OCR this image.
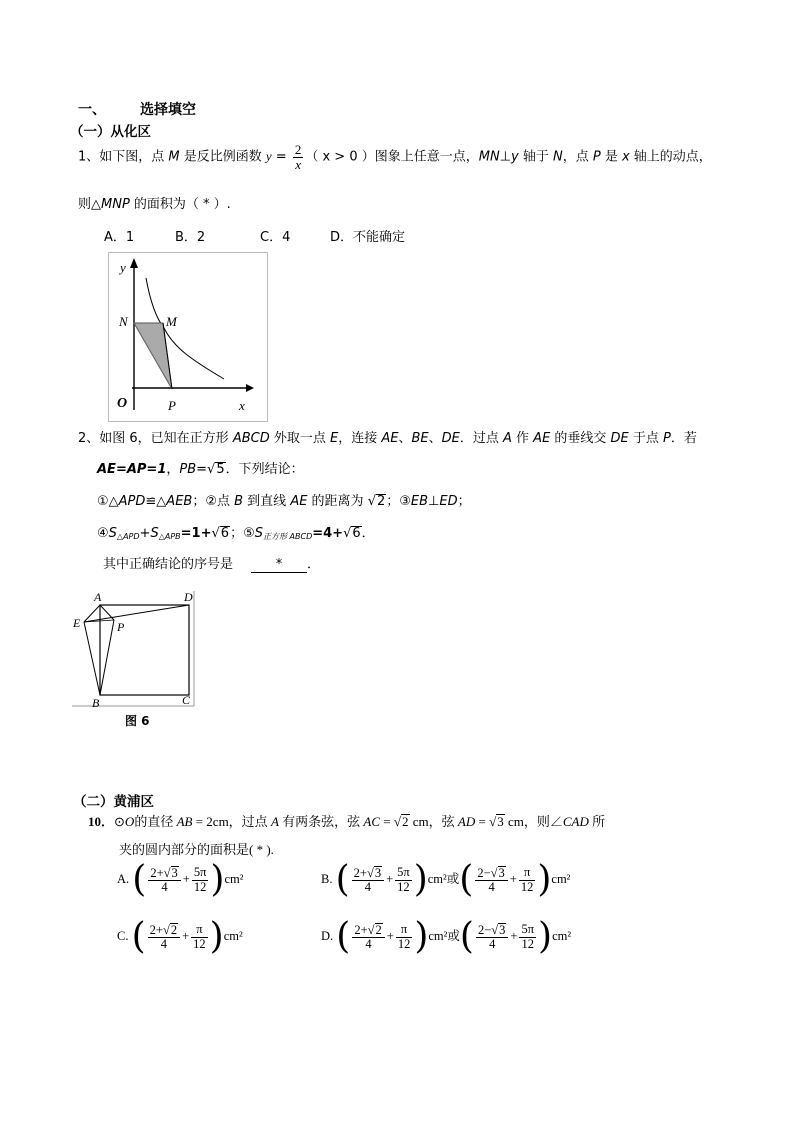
一、 选择填空
（一）从化区
1、如下图，点 M 是反比例函数 $y = \frac{2}{x}$ （ x > 0 ）图象上任意一点，MN⊥y 轴于 N，点 P 是 x 轴上的动点，
则△MNP 的面积为（ * ）.
A．1	B．2	C．4	D．不能确定
y
N	M
O	P	x
2、如图 6，已知在正方形 ABCD 外取一点 E，连接 AE、BE、DE．过点 A 作 AE 的垂线交 DE 于点 P．若
AE=AP=1，PB=√5．下列结论：
①△APD≌△AEB；②点 B 到直线 AE 的距离为 √2；③EB⊥ED；
$④S_{\triangle APD}+S_{\triangle APB}=1+√6$；$⑤S_{正方形 ABCD}=4+√6$．
其中正确结论的序号是	* ．
A	D
E	P
B	C
图 6
（二）黄浦区
10．⊙O的直径 AB = 2cm，过点 A 有两条弦，弦 AC = √2 cm，弦 AD = √3 cm，则∠CAD 所
夹的圆内部分的面积是( * ).
A. ( $\frac{2+√3}{4} + \frac{5\pi}{12} )cm^2$	B. ( $\frac{2+√3}{4} + \frac{5\pi}{12} )cm^2$或( $\frac{2-√3}{4} + \frac{\pi}{12} )cm^2$
C. ( $\frac{2+√2}{4} + \frac{\pi}{12} )cm^2$	D. ( $\frac{2+√2}{4} + \frac{\pi}{12} )cm^2$或( $\frac{2-√3}{4} + \frac{5\pi}{12} )cm^2$
